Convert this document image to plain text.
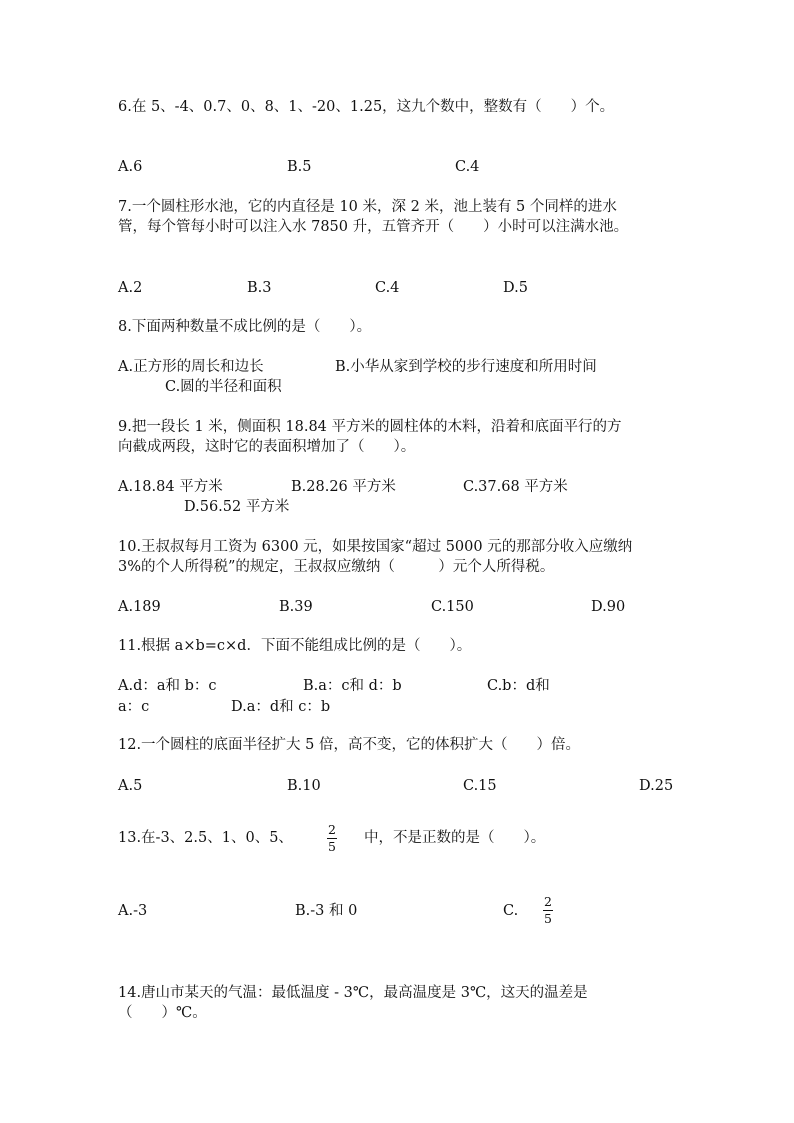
6.在 5、-4、0.7、0、8、1、-20、1.25，这九个数中，整数有（　　）个。
A.6	B.5	C.4
7.一个圆柱形水池，它的内直径是 10 米，深 2 米，池上装有 5 个同样的进水
管，每个管每小时可以注入水 7850 升，五管齐开（　　）小时可以注满水池。
A.2	B.3	C.4	D.5
8.下面两种数量不成比例的是（　　）。
A.正方形的周长和边长	B.小华从家到学校的步行速度和所用时间
C.圆的半径和面积
9.把一段长 1 米，侧面积 18.84 平方米的圆柱体的木料，沿着和底面平行的方
向截成两段，这时它的表面积增加了（　　）。
A.18.84 平方米	B.28.26 平方米	C.37.68 平方米
D.56.52 平方米
10.王叔叔每月工资为 6300 元，如果按国家“超过 5000 元的那部分收入应缴纳
3%的个人所得税”的规定，王叔叔应缴纳（　　　）元个人所得税。
A.189	B.39	C.150	D.90
11.根据 a×b=c×d．下面不能组成比例的是（　　）。
A.d：a和 b：c	B.a：c和 d：b	C.b：d和
a：c	D.a：d和 c：b
12.一个圆柱的底面半径扩大 5 倍，高不变，它的体积扩大（　　）倍。
A.5	B.10	C.15	D.25
13.在-3、2.5、1、0、5、
2
5
中，不是正数的是（　　）。
A.-3	B.-3 和 0	C.
2
5
14.唐山市某天的气温：最低温度 - 3℃，最高温度是 3℃，这天的温差是
（　　）℃。
